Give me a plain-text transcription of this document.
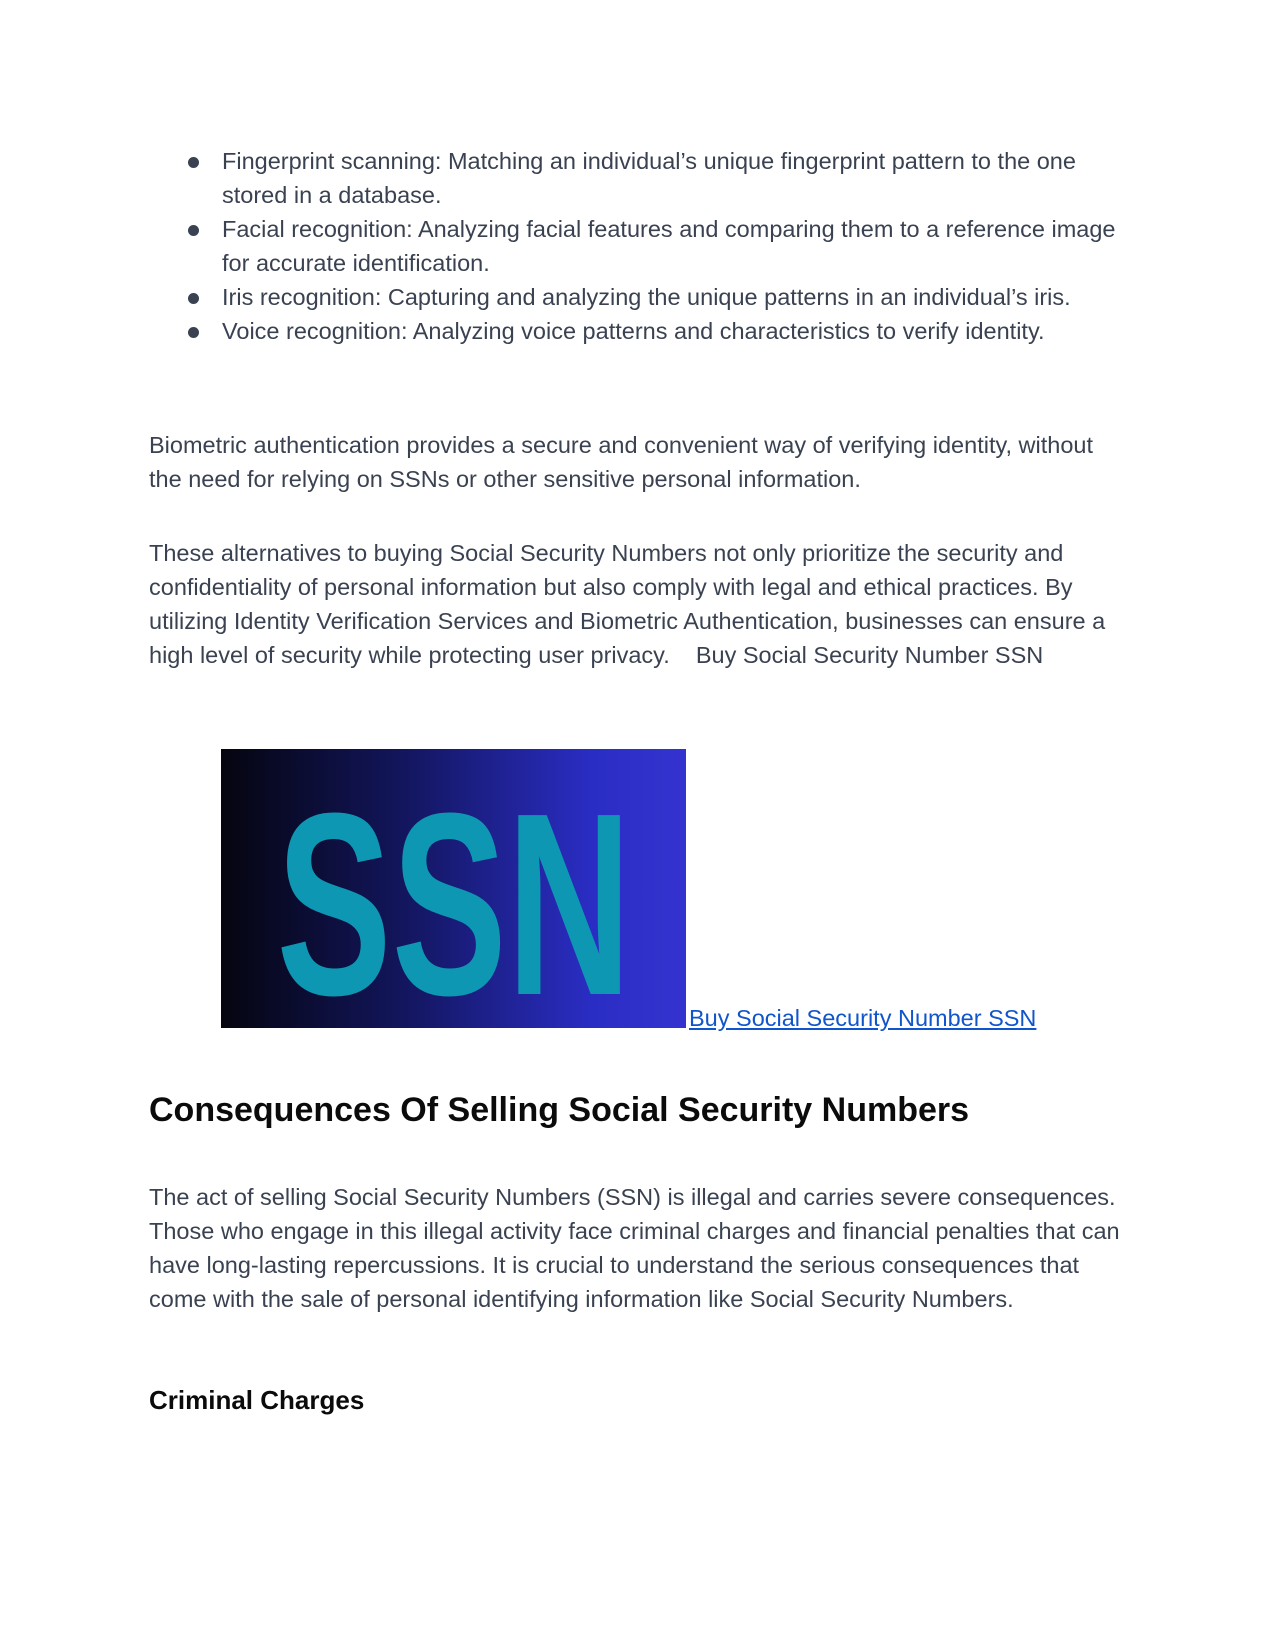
Fingerprint scanning: Matching an individual’s unique fingerprint pattern to the one stored in a database.
Facial recognition: Analyzing facial features and comparing them to a reference image for accurate identification.
Iris recognition: Capturing and analyzing the unique patterns in an individual’s iris.
Voice recognition: Analyzing voice patterns and characteristics to verify identity.

Biometric authentication provides a secure and convenient way of verifying identity, without the need for relying on SSNs or other sensitive personal information.

These alternatives to buying Social Security Numbers not only prioritize the security and confidentiality of personal information but also comply with legal and ethical practices. By utilizing Identity Verification Services and Biometric Authentication, businesses can ensure a high level of security while protecting user privacy.    Buy Social Security Number SSN

SSN Buy Social Security Number SSN
Consequences Of Selling Social Security Numbers

The act of selling Social Security Numbers (SSN) is illegal and carries severe consequences. Those who engage in this illegal activity face criminal charges and financial penalties that can have long-lasting repercussions. It is crucial to understand the serious consequences that come with the sale of personal identifying information like Social Security Numbers.

Criminal Charges
